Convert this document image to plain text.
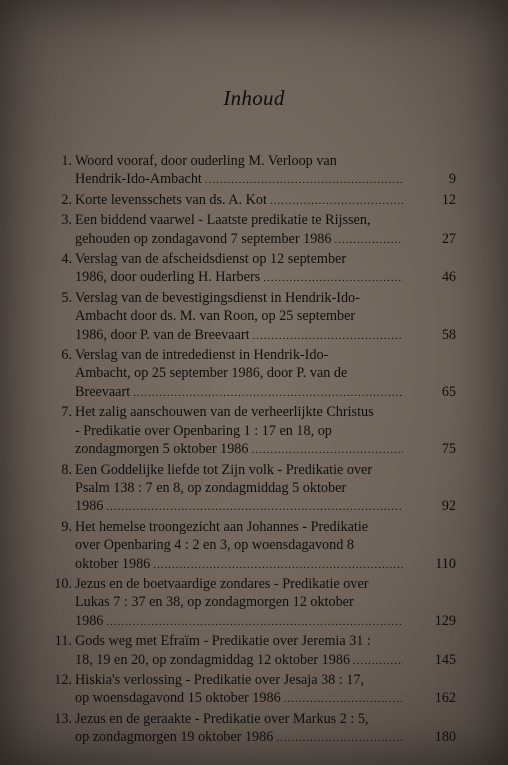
Inhoud
1. Woord vooraf, door ouderling M. Verloop van
Hendrik-Ido-Ambacht .....	9
2. Korte levensschets van ds. A. Kot .....	12
3. Een biddend vaarwel - Laatste predikatie te Rijssen,
gehouden op zondagavond 7 september 1986 .....	27
4. Verslag van de afscheidsdienst op 12 september
1986, door ouderling H. Harbers .....	46
5. Verslag van de bevestigingsdienst in Hendrik-Ido-
Ambacht door ds. M. van Roon, op 25 september
1986, door P. van de Breevaart .....	58
6. Verslag van de intrededienst in Hendrik-Ido-
Ambacht, op 25 september 1986, door P. van de
Breevaart .....	65
7. Het zalig aanschouwen van de verheerlijkte Christus
- Predikatie over Openbaring 1 : 17 en 18, op
zondagmorgen 5 oktober 1986 .....	75
8. Een Goddelijke liefde tot Zijn volk - Predikatie over
Psalm 138 : 7 en 8, op zondagmiddag 5 oktober
1986 .....	92
9. Het hemelse troongezicht aan Johannes - Predikatie
over Openbaring 4 : 2 en 3, op woensdagavond 8
oktober 1986 .....	110
10. Jezus en de boetvaardige zondares - Predikatie over
Lukas 7 : 37 en 38, op zondagmorgen 12 oktober
1986 .....	129
11. Gods weg met Efraïm - Predikatie over Jeremia 31 :
18, 19 en 20, op zondagmiddag 12 oktober 1986 .....	145
12. Hiskia's verlossing - Predikatie over Jesaja 38 : 17,
op woensdagavond 15 oktober 1986 .....	162
13. Jezus en de geraakte - Predikatie over Markus 2 : 5,
op zondagmorgen 19 oktober 1986 .....	180
